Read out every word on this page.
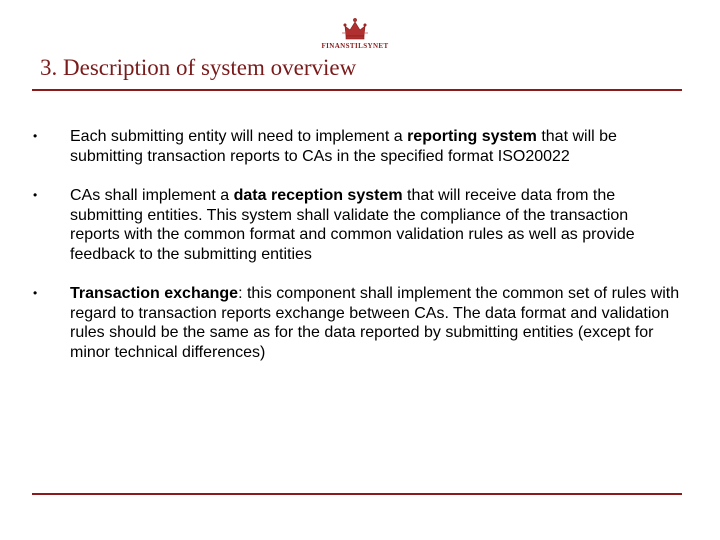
FINANSTILSYNET
3. Description of system overview
• Each submitting entity will need to implement a reporting system that will be submitting transaction reports to CAs in the specified format ISO20022
• CAs shall implement a data reception system that will receive data from the submitting entities. This system shall validate the compliance of the transaction reports with the common format and common validation rules as well as provide feedback to the submitting entities
• Transaction exchange: this component shall implement the common set of rules with regard to transaction reports exchange between CAs. The data format and validation rules should be the same as for the data reported by submitting entities (except for minor technical differences)
